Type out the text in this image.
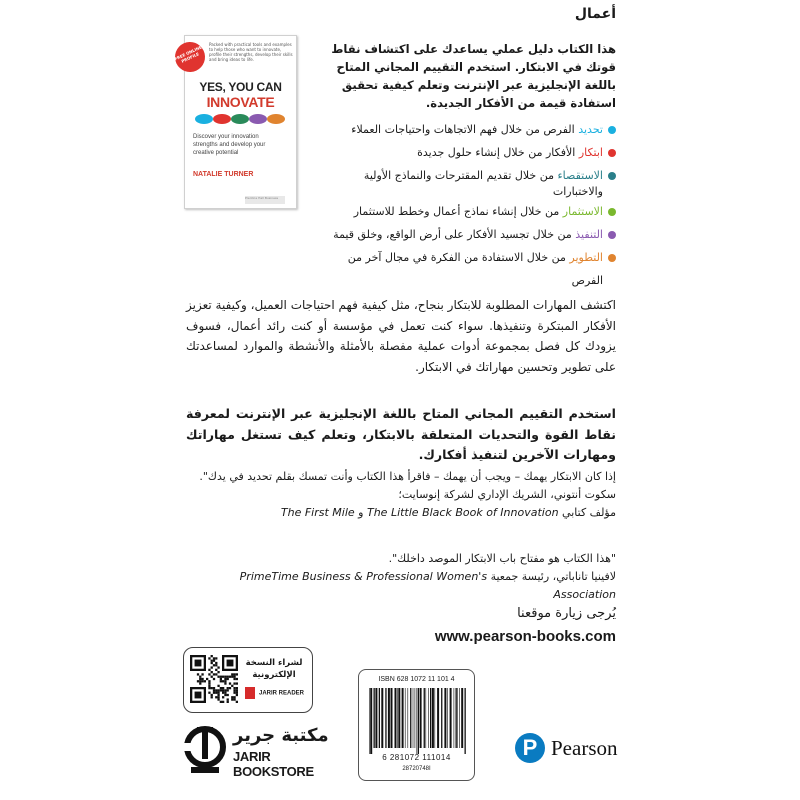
أعمال
FREE ONLINE PROFILE
Packed with practical tools and examples to help those who want to innovate, profile their strengths, develop their skills and bring ideas to life.
YES, YOU CAN
INNOVATE
Discover your innovation strengths and develop your creative potential
NATALIE TURNER
Prentice Hall Business
هذا الكتاب دليل عملي يساعدك على اكتشاف نقاط قوتك في الابتكار. استخدم التقييم المجاني المتاح باللغة الإنجليزية عبر الإنترنت وتعلم كيفية تحقيق استفادة قيمة من الأفكار الجديدة.
تحديد الفرص من خلال فهم الاتجاهات واحتياجات العملاء
ابتكار الأفكار من خلال إنشاء حلول جديدة
الاستقصاء من خلال تقديم المقترحات والنماذج الأولية
والاختبارات
الاستثمار من خلال إنشاء نماذج أعمال وخطط للاستثمار
التنفيذ من خلال تجسيد الأفكار على أرض الواقع، وخلق قيمة
التطوير من خلال الاستفادة من الفكرة في مجال آخر من الفرص
اكتشف المهارات المطلوبة للابتكار بنجاح، مثل كيفية فهم احتياجات العميل، وكيفية تعزيز الأفكار المبتكرة وتنفيذها. سواء كنت تعمل في مؤسسة أو كنت رائد أعمال، فسوف يزودك كل فصل بمجموعة أدوات عملية مفصلة بالأمثلة والأنشطة والموارد لمساعدتك على تطوير وتحسين مهاراتك في الابتكار.
استخدم التقييم المجاني المتاح باللغة الإنجليزية عبر الإنترنت لمعرفة نقاط القوة والتحديات المتعلقة بالابتكار، وتعلم كيف تستغل مهاراتك ومهارات الآخرين لتنفيذ أفكارك.
إذا كان الابتكار يهمك – ويجب أن يهمك – فاقرأ هذا الكتاب وأنت تمسك بقلم تحديد في يدك".
سكوت أنتوني، الشريك الإداري لشركة إنوسايت؛
مؤلف كتابي The Little Black Book of Innovation و The First Mile
"هذا الكتاب هو مفتاح باب الابتكار الموصد داخلك".
لافينيا تاناباتي، رئيسة جمعية PrimeTime Business & Professional Women's Association
يُرجى زيارة موقعنا
www.pearson-books.com
لشراء النسخة الإلكترونية
JARIR READER
مكتبة جرير
JARIR BOOKSTORE
ISBN 628 1072 11 101 4
6 281072 111014
28720748I
P Pearson
